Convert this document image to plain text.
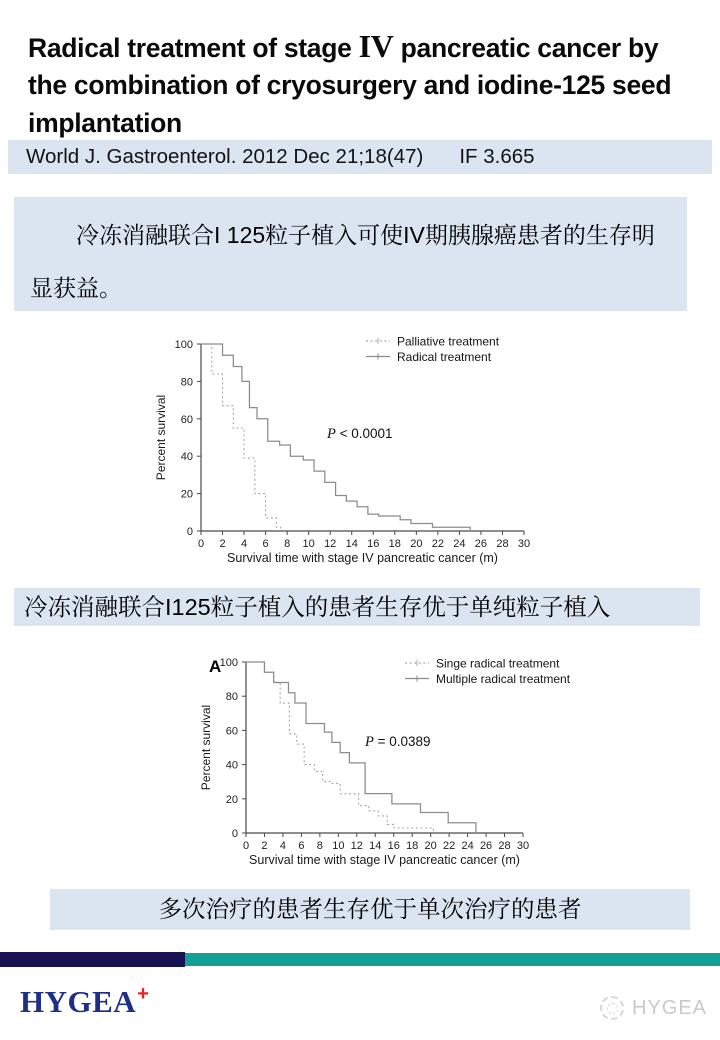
Radical treatment of stage IV pancreatic cancer by the combination of cryosurgery and iodine-125 seed implantation
World J. Gastroenterol. 2012 Dec 21;18(47) IF 3.665

冷冻消融联合I 125粒子植入可使IV期胰腺癌患者的生存明显获益。

0 2 4 6 8 10 12 14 16 18 20 22 24 26 28 30
0
20
40
60
80
100
Survival time with stage IV pancreatic cancer (m)
Percent survival
Palliative treatment
Radical treatment
P < 0.0001
冷冻消融联合I125粒子植入的患者生存优于单纯粒子植入
0 2 4 6 8 10 12 14 16 18 20 22 24 26 28 30
0
20
40
60
80
100
Survival time with stage IV pancreatic cancer (m)
Percent survival
A	Singe radical treatment
Multiple radical treatment
P = 0.0389
多次治疗的患者生存优于单次治疗的患者
HYGEA+
HYGEA
